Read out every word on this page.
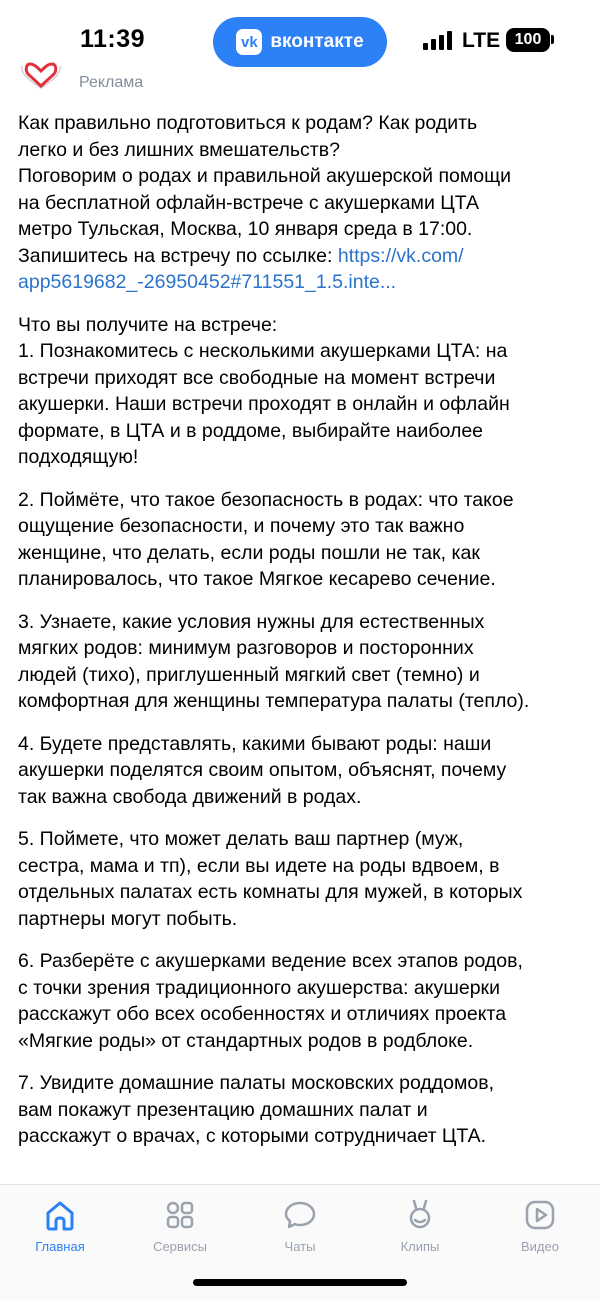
11:39	vk вконтакте	LTE 100
Реклама
Как правильно подготовиться к родам? Как родить
легко и без лишних вмешательств?
Поговорим о родах и правильной акушерской помощи
на бесплатной офлайн-встрече с акушерками ЦТА
метро Тульская, Москва, 10 января среда в 17:00.
Запишитесь на встречу по ссылке: https://vk.com/
app5619682_-26950452#711551_1.5.inte...
Что вы получите на встрече:
1. Познакомитесь с несколькими акушерками ЦТА: на
встречи приходят все свободные на момент встречи
акушерки. Наши встречи проходят в онлайн и офлайн
формате, в ЦТА и в роддоме, выбирайте наиболее
подходящую!
2. Поймёте, что такое безопасность в родах: что такое
ощущение безопасности, и почему это так важно
женщине, что делать, если роды пошли не так, как
планировалось, что такое Мягкое кесарево сечение.
3. Узнаете, какие условия нужны для естественных
мягких родов: минимум разговоров и посторонних
людей (тихо), приглушенный мягкий свет (темно) и
комфортная для женщины температура палаты (тепло).
4. Будете представлять, какими бывают роды: наши
акушерки поделятся своим опытом, объяснят, почему
так важна свобода движений в родах.
5. Поймете, что может делать ваш партнер (муж,
сестра, мама и тп), если вы идете на роды вдвоем, в
отдельных палатах есть комнаты для мужей, в которых
партнеры могут побыть.
6. Разберёте с акушерками ведение всех этапов родов,
с точки зрения традиционного акушерства: акушерки
расскажут обо всех особенностях и отличиях проекта
«Мягкие роды» от стандартных родов в родблоке.
7. Увидите домашние палаты московских роддомов,
вам покажут презентацию домашних палат и
расскажут о врачах, с которыми сотрудничает ЦТА.
Главная	Сервисы	Чаты	Клипы	Видео
